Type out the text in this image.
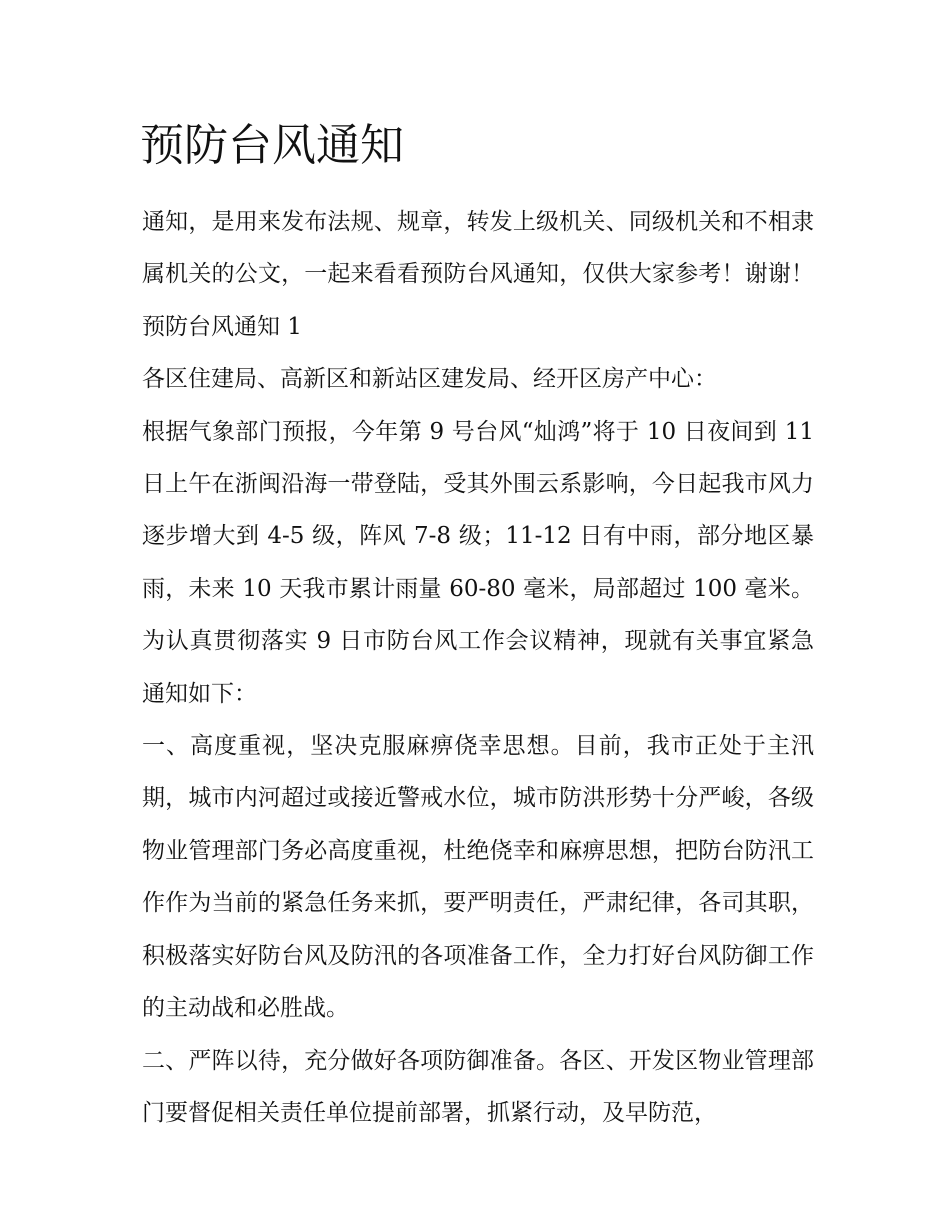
预防台风通知

通知，是用来发布法规、规章，转发上级机关、同级机关和不相隶属机关的公文，一起来看看预防台风通知，仅供大家参考！谢谢！ 预防台风通知 1

各区住建局、高新区和新站区建发局、经开区房产中心：

根据气象部门预报，今年第 9 号台风“灿鸿”将于 10 日夜间到 11 日上午在浙闽沿海一带登陆，受其外围云系影响，今日起我市风力逐步增大到 4-5 级，阵风 7-8 级；11-12 日有中雨，部分地区暴雨，未来 10 天我市累计雨量 60-80 毫米，局部超过 100 毫米。为认真贯彻落实 9 日市防台风工作会议精神，现就有关事宜紧急通知如下：

一、高度重视，坚决克服麻痹侥幸思想。目前，我市正处于主汛期，城市内河超过或接近警戒水位，城市防洪形势十分严峻，各级物业管理部门务必高度重视，杜绝侥幸和麻痹思想，把防台防汛工作作为当前的紧急任务来抓，要严明责任，严肃纪律，各司其职，积极落实好防台风及防汛的各项准备工作，全力打好台风防御工作的主动战和必胜战。

二、严阵以待，充分做好各项防御准备。各区、开发区物业管理部门要督促相关责任单位提前部署，抓紧行动，及早防范，
